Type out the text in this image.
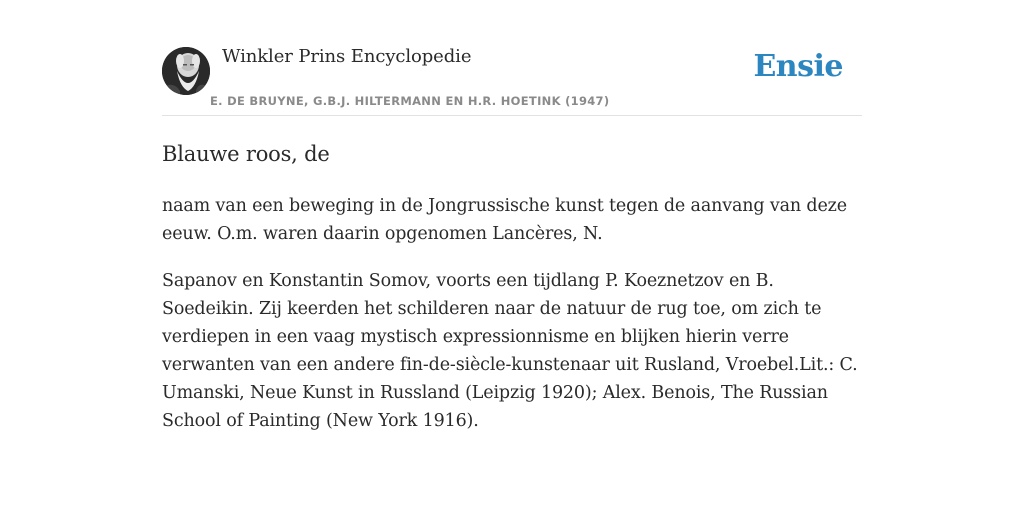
Winkler Prins Encyclopedie
E. DE BRUYNE, G.B.J. HILTERMANN EN H.R. HOETINK (1947)
Ensie
Blauwe roos, de

naam van een beweging in de Jongrussische kunst tegen de aanvang van deze eeuw. O.m. waren daarin opgenomen Lancères, N.

Sapanov en Konstantin Somov, voorts een tijdlang P. Koeznetzov en B. Soedeikin. Zij keerden het schilderen naar de natuur de rug toe, om zich te verdiepen in een vaag mystisch expressionnisme en blijken hierin verre verwanten van een andere fin-de-siècle-kunstenaar uit Rusland, Vroebel.Lit.: C. Umanski, Neue Kunst in Russland (Leipzig 1920); Alex. Benois, The Russian School of Painting (New York 1916).
